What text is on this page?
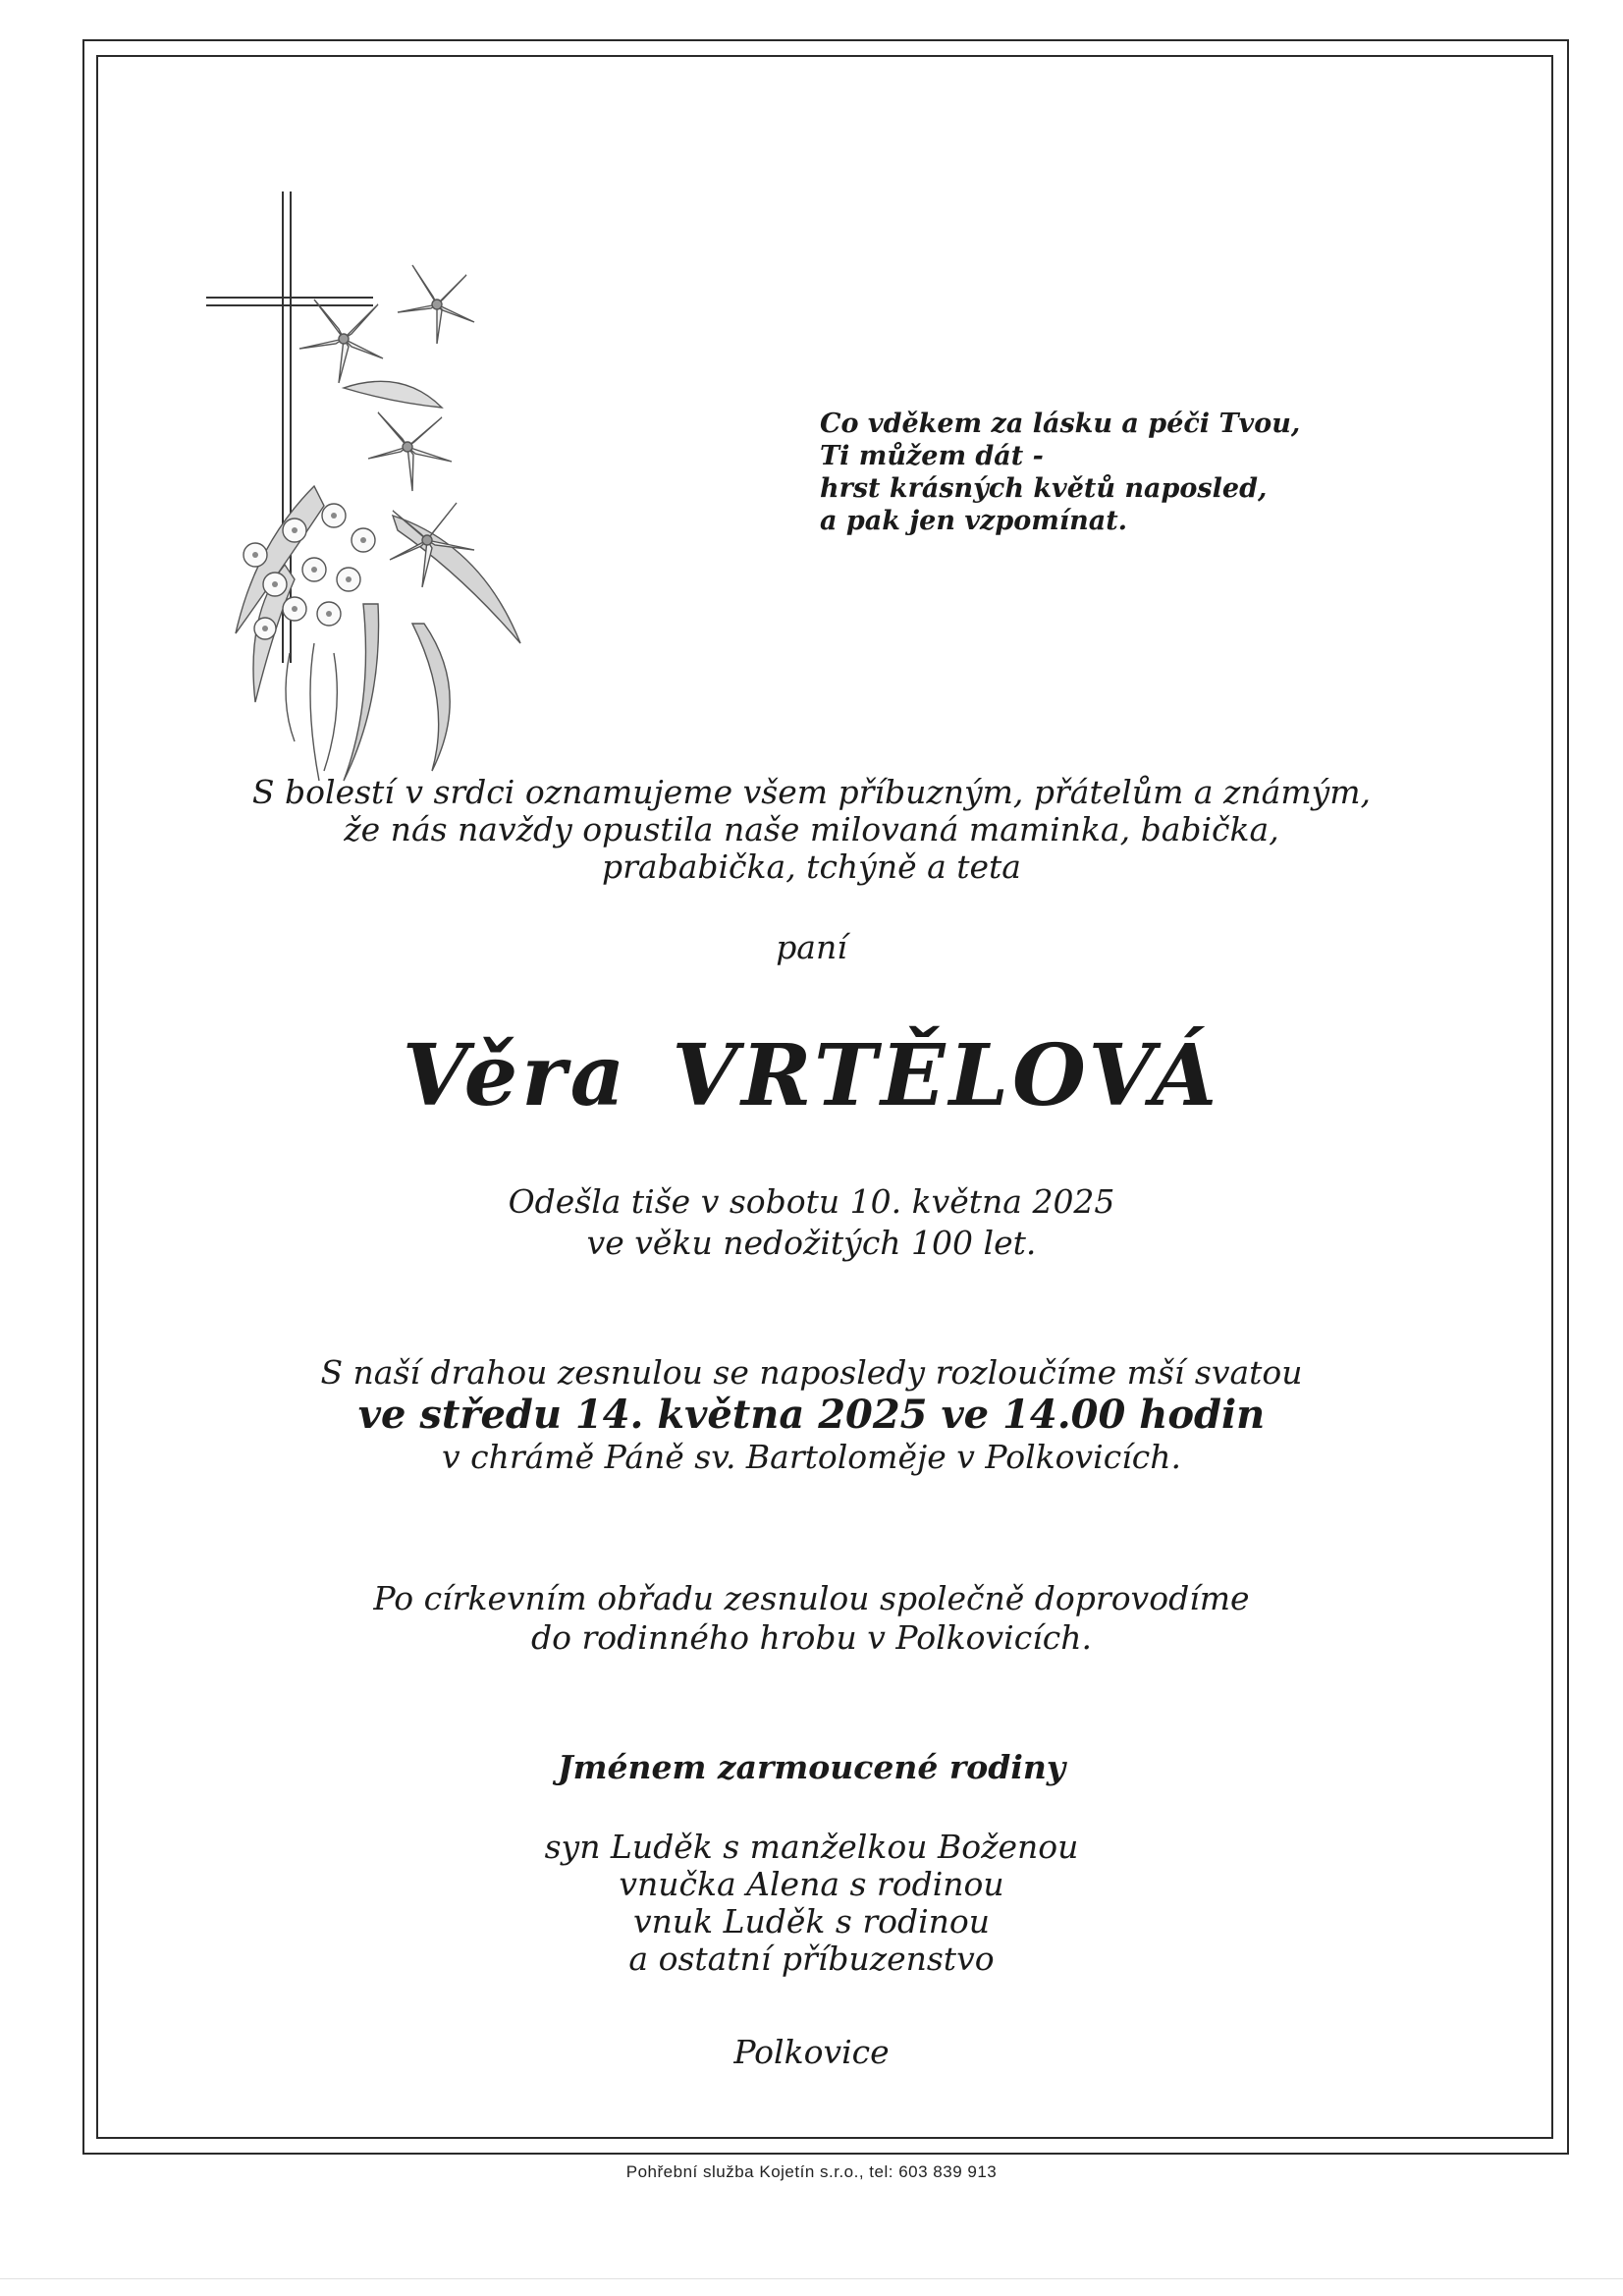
Co vděkem za lásku a péči Tvou,
Ti můžem dát -
hrst krásných květů naposled,
a pak jen vzpomínat.
S bolestí v srdci oznamujeme všem příbuzným, přátelům a známým,
že nás navždy opustila naše milovaná maminka, babička,
prababička, tchýně a teta
paní
Věra VRTĚLOVÁ
Odešla tiše v sobotu 10. května 2025
ve věku nedožitých 100 let.
S naší drahou zesnulou se naposledy rozloučíme mší svatou
ve středu 14. května 2025 ve 14.00 hodin
v chrámě Páně sv. Bartoloměje v Polkovicích.
Po církevním obřadu zesnulou společně doprovodíme
do rodinného hrobu v Polkovicích.
Jménem zarmoucené rodiny
syn Luděk s manželkou Boženou
vnučka Alena s rodinou
vnuk Luděk s rodinou
a ostatní příbuzenstvo
Polkovice
Pohřební služba Kojetín s.r.o., tel: 603 839 913
